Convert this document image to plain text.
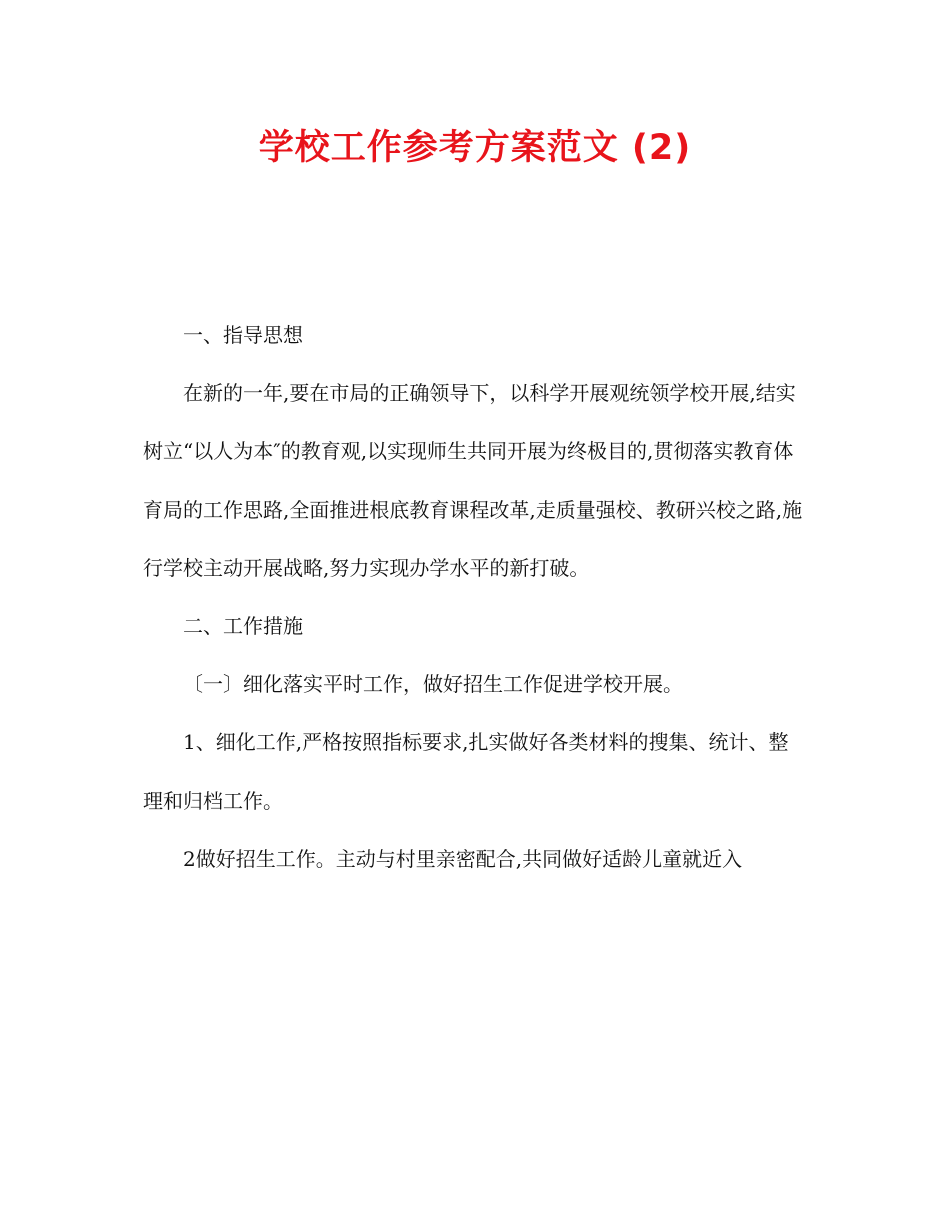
学校工作参考方案范文 (2)

一、指导思想

在新的一年,要在市局的正确领导下，以科学开展观统领学校开展,结实树立“以人为本″的教育观,以实现师生共同开展为终极目的,贯彻落实教育体育局的工作思路,全面推进根底教育课程改革,走质量强校、教研兴校之路,施行学校主动开展战略,努力实现办学水平的新打破。

二、工作措施

〔一〕细化落实平时工作，做好招生工作促进学校开展。

1、细化工作,严格按照指标要求,扎实做好各类材料的搜集、统计、整理和归档工作。

2做好招生工作。主动与村里亲密配合,共同做好适龄儿童就近入
